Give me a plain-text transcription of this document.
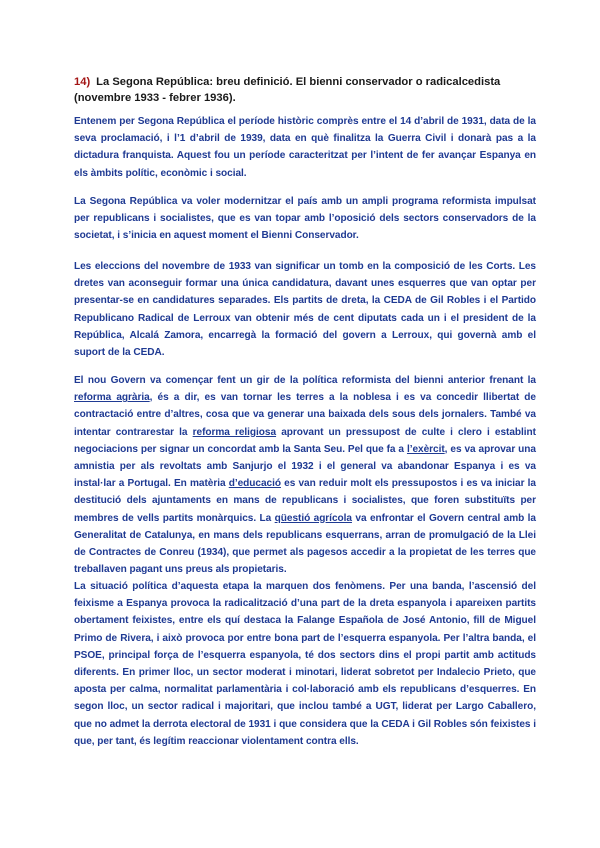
14) La Segona República: breu definició. El bienni conservador o radicalcedista (novembre 1933 - febrer 1936).
Entenem per Segona República el període històric comprès entre el 14 d’abril de 1931, data de la seva proclamació, i l’1 d’abril de 1939, data en què finalitza la Guerra Civil i donarà pas a la dictadura franquista. Aquest fou un període caracteritzat per l’intent de fer avançar Espanya en els àmbits polític, econòmic i social.
La Segona República va voler modernitzar el país amb un ampli programa reformista impulsat per republicans i socialistes, que es van topar amb l’oposició dels sectors conservadors de la societat, i s’inicia en aquest moment el Bienni Conservador.
Les eleccions del novembre de 1933 van significar un tomb en la composició de les Corts. Les dretes van aconseguir formar una única candidatura, davant unes esquerres que van optar per presentar-se en candidatures separades. Els partits de dreta, la CEDA de Gil Robles i el Partido Republicano Radical de Lerroux van obtenir més de cent diputats cada un i el president de la República, Alcalá Zamora, encarregà la formació del govern a Lerroux, qui governà amb el suport de la CEDA.
El nou Govern va començar fent un gir de la política reformista del bienni anterior frenant la reforma agrària, és a dir, es van tornar les terres a la noblesa i es va concedir llibertat de contractació entre d’altres, cosa que va generar una baixada dels sous dels jornalers. També va intentar contrarestar la reforma religiosa aprovant un pressupost de culte i clero i establint negociacions per signar un concordat amb la Santa Seu. Pel que fa a l’exèrcit, es va aprovar una amnistia per als revoltats amb Sanjurjo el 1932 i el general va abandonar Espanya i es va instal·lar a Portugal. En matèria d’educació es van reduir molt els pressupostos i es va iniciar la destitució dels ajuntaments en mans de republicans i socialistes, que foren substituïts per membres de vells partits monàrquics. La qüestió agrícola va enfrontar el Govern central amb la Generalitat de Catalunya, en mans dels republicans esquerrans, arran de promulgació de la Llei de Contractes de Conreu (1934), que permet als pagesos accedir a la propietat de les terres que treballaven pagant uns preus als propietaris.
La situació política d’aquesta etapa la marquen dos fenòmens. Per una banda, l’ascensió del feixisme a Espanya provoca la radicalització d’una part de la dreta espanyola i apareixen partits obertament feixistes, entre els quí destaca la Falange Española de José Antonio, fill de Miguel Primo de Rivera, i això provoca por entre bona part de l’esquerra espanyola. Per l’altra banda, el PSOE, principal força de l’esquerra espanyola, té dos sectors dins el propi partit amb actituds diferents. En primer lloc, un sector moderat i minotari, liderat sobretot per Indalecio Prieto, que aposta per calma, normalitat parlamentària i col·laboració amb els republicans d’esquerres. En segon lloc, un sector radical i majoritari, que inclou també a UGT, liderat per Largo Caballero, que no admet la derrota electoral de 1931 i que considera que la CEDA i Gil Robles són feixistes i que, per tant, és legítim reaccionar violentament contra ells.
